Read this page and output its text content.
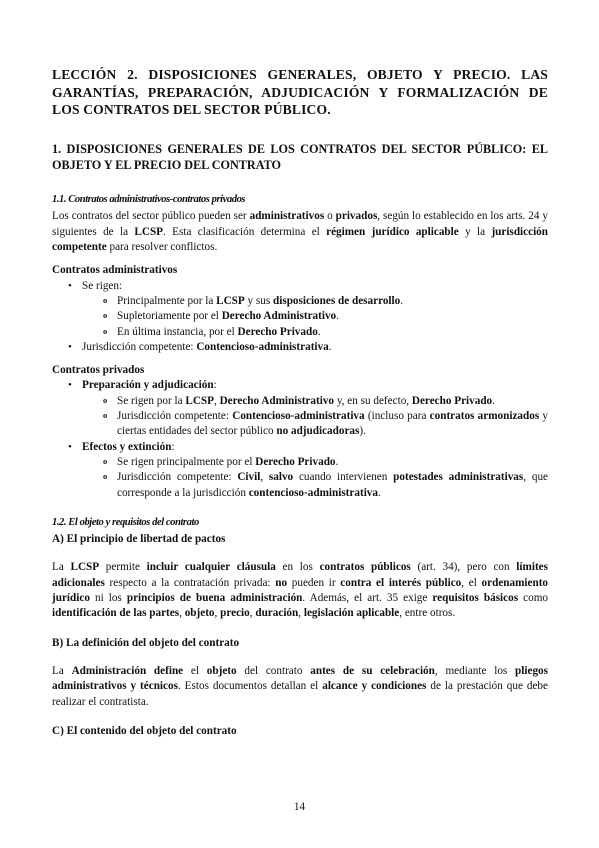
LECCIÓN 2. DISPOSICIONES GENERALES, OBJETO Y PRECIO. LAS GARANTÍAS, PREPARACIÓN, ADJUDICACIÓN Y FORMALIZACIÓN DE LOS CONTRATOS DEL SECTOR PÚBLICO.

1. DISPOSICIONES GENERALES DE LOS CONTRATOS DEL SECTOR PÚBLICO: EL OBJETO Y EL PRECIO DEL CONTRATO

1.1. Contratos administrativos-contratos privados

Los contratos del sector público pueden ser administrativos o privados, según lo establecido en los arts. 24 y siguientes de la LCSP. Esta clasificación determina el régimen jurídico aplicable y la jurisdicción competente para resolver conflictos.

Contratos administrativos

• Se rigen:

o Principalmente por la LCSP y sus disposiciones de desarrollo.

o Supletoriamente por el Derecho Administrativo.

o En última instancia, por el Derecho Privado.

• Jurisdicción competente: Contencioso-administrativa.

Contratos privados

• Preparación y adjudicación:

o Se rigen por la LCSP, Derecho Administrativo y, en su defecto, Derecho Privado.

o Jurisdicción competente: Contencioso-administrativa (incluso para contratos armonizados y ciertas entidades del sector público no adjudicadoras).

• Efectos y extinción:

o Se rigen principalmente por el Derecho Privado.

o Jurisdicción competente: Civil, salvo cuando intervienen potestades administrativas, que corresponde a la jurisdicción contencioso-administrativa.

1.2. El objeto y requisitos del contrato

A) El principio de libertad de pactos

La LCSP permite incluir cualquier cláusula en los contratos públicos (art. 34), pero con límites adicionales respecto a la contratación privada: no pueden ir contra el interés público, el ordenamiento jurídico ni los principios de buena administración. Además, el art. 35 exige requisitos básicos como identificación de las partes, objeto, precio, duración, legislación aplicable, entre otros.

B) La definición del objeto del contrato

La Administración define el objeto del contrato antes de su celebración, mediante los pliegos administrativos y técnicos. Estos documentos detallan el alcance y condiciones de la prestación que debe realizar el contratista.

C) El contenido del objeto del contrato

14
